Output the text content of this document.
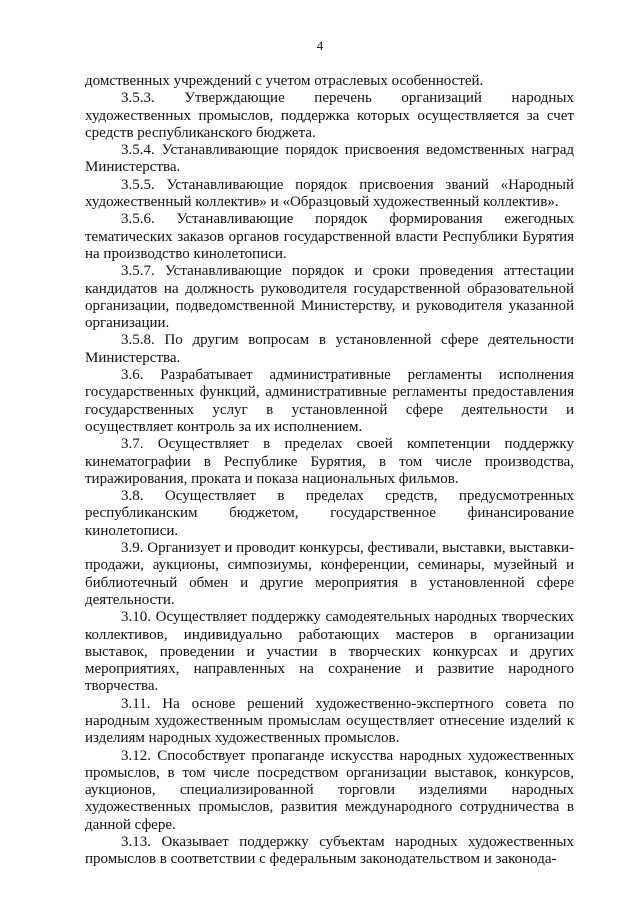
4

домственных учреждений с учетом отраслевых особенностей.

3.5.3. Утверждающие перечень организаций народных художественных промыслов, поддержка которых осуществляется за счет средств республиканского бюджета.

3.5.4. Устанавливающие порядок присвоения ведомственных наград Министерства.

3.5.5. Устанавливающие порядок присвоения званий «Народный художественный коллектив» и «Образцовый художественный коллектив».

3.5.6. Устанавливающие порядок формирования ежегодных тематических заказов органов государственной власти Республики Бурятия на производство кинолетописи.

3.5.7. Устанавливающие порядок и сроки проведения аттестации кандидатов на должность руководителя государственной образовательной организации, подведомственной Министерству, и руководителя указанной организации.

3.5.8. По другим вопросам в установленной сфере деятельности Министерства.

3.6. Разрабатывает административные регламенты исполнения государственных функций, административные регламенты предоставления государственных услуг в установленной сфере деятельности и осуществляет контроль за их исполнением.

3.7. Осуществляет в пределах своей компетенции поддержку кинематографии в Республике Бурятия, в том числе производства, тиражирования, проката и показа национальных фильмов.

3.8. Осуществляет в пределах средств, предусмотренных республиканским бюджетом, государственное финансирование кинолетописи.

3.9. Организует и проводит конкурсы, фестивали, выставки, выставки-продажи, аукционы, симпозиумы, конференции, семинары, музейный и библиотечный обмен и другие мероприятия в установленной сфере деятельности.

3.10. Осуществляет поддержку самодеятельных народных творческих коллективов, индивидуально работающих мастеров в организации выставок, проведении и участии в творческих конкурсах и других мероприятиях, направленных на сохранение и развитие народного творчества.

3.11. На основе решений художественно-экспертного совета по народным художественным промыслам осуществляет отнесение изделий к изделиям народных художественных промыслов.

3.12. Способствует пропаганде искусства народных художественных промыслов, в том числе посредством организации выставок, конкурсов, аукционов, специализированной торговли изделиями народных художественных промыслов, развития международного сотрудничества в данной сфере.

3.13. Оказывает поддержку субъектам народных художественных промыслов в соответствии с федеральным законодательством и законода-
